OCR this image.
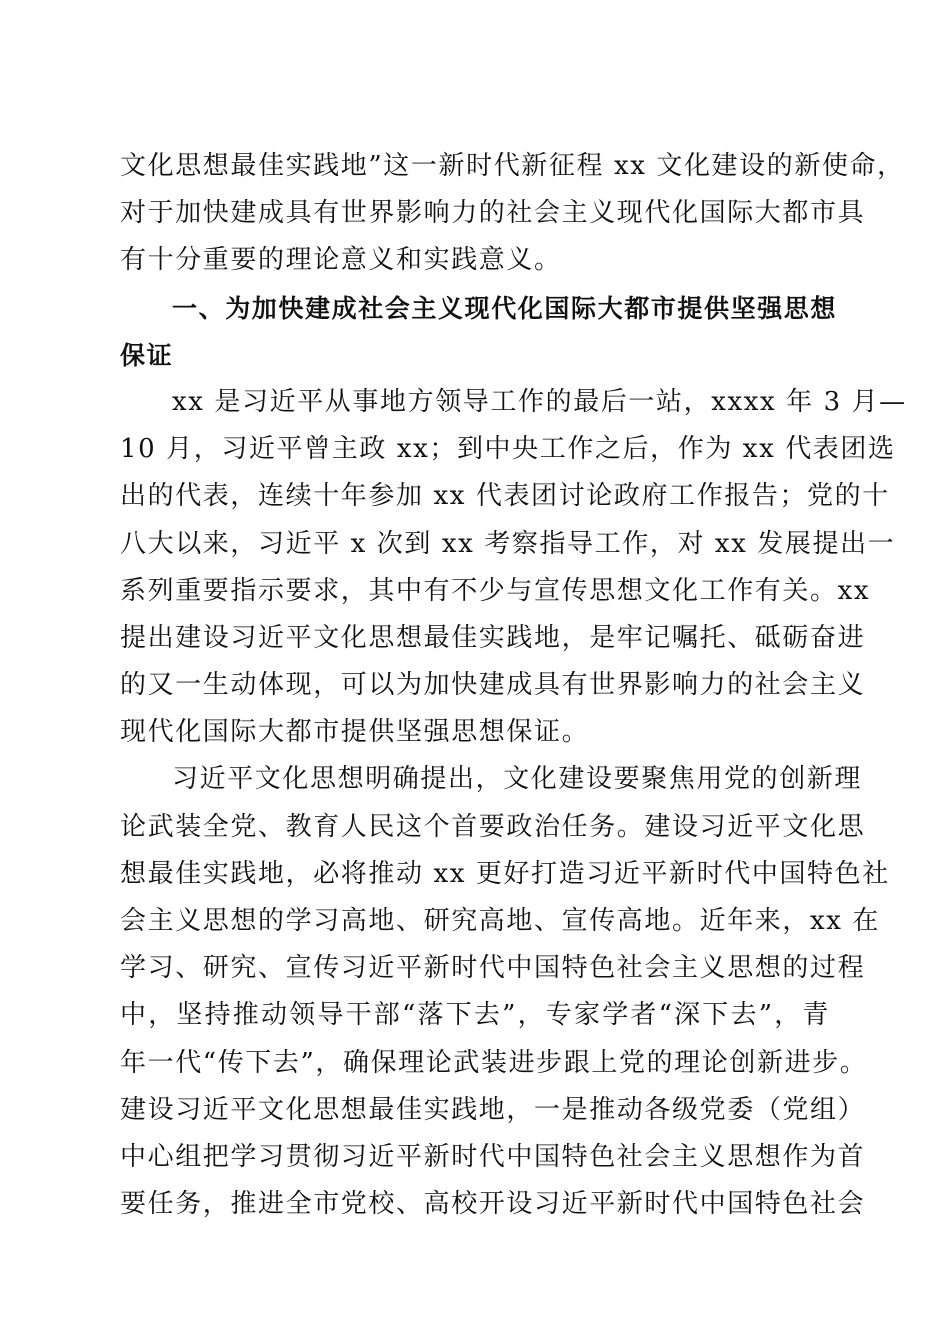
文化思想最佳实践地”这一新时代新征程 xx 文化建设的新使命，
对于加快建成具有世界影响力的社会主义现代化国际大都市具
有十分重要的理论意义和实践意义。
一、为加快建成社会主义现代化国际大都市提供坚强思想
保证
xx 是习近平从事地方领导工作的最后一站，xxxx 年 3 月—
10 月，习近平曾主政 xx；到中央工作之后，作为 xx 代表团选
出的代表，连续十年参加 xx 代表团讨论政府工作报告；党的十
八大以来，习近平 x 次到 xx 考察指导工作，对 xx 发展提出一
系列重要指示要求，其中有不少与宣传思想文化工作有关。xx
提出建设习近平文化思想最佳实践地，是牢记嘱托、砥砺奋进
的又一生动体现，可以为加快建成具有世界影响力的社会主义
现代化国际大都市提供坚强思想保证。
习近平文化思想明确提出，文化建设要聚焦用党的创新理
论武装全党、教育人民这个首要政治任务。建设习近平文化思
想最佳实践地，必将推动 xx 更好打造习近平新时代中国特色社
会主义思想的学习高地、研究高地、宣传高地。近年来，xx 在
学习、研究、宣传习近平新时代中国特色社会主义思想的过程
中，坚持推动领导干部“落下去”，专家学者“深下去”，青
年一代“传下去”，确保理论武装进步跟上党的理论创新进步。
建设习近平文化思想最佳实践地，一是推动各级党委（党组）
中心组把学习贯彻习近平新时代中国特色社会主义思想作为首
要任务，推进全市党校、高校开设习近平新时代中国特色社会
